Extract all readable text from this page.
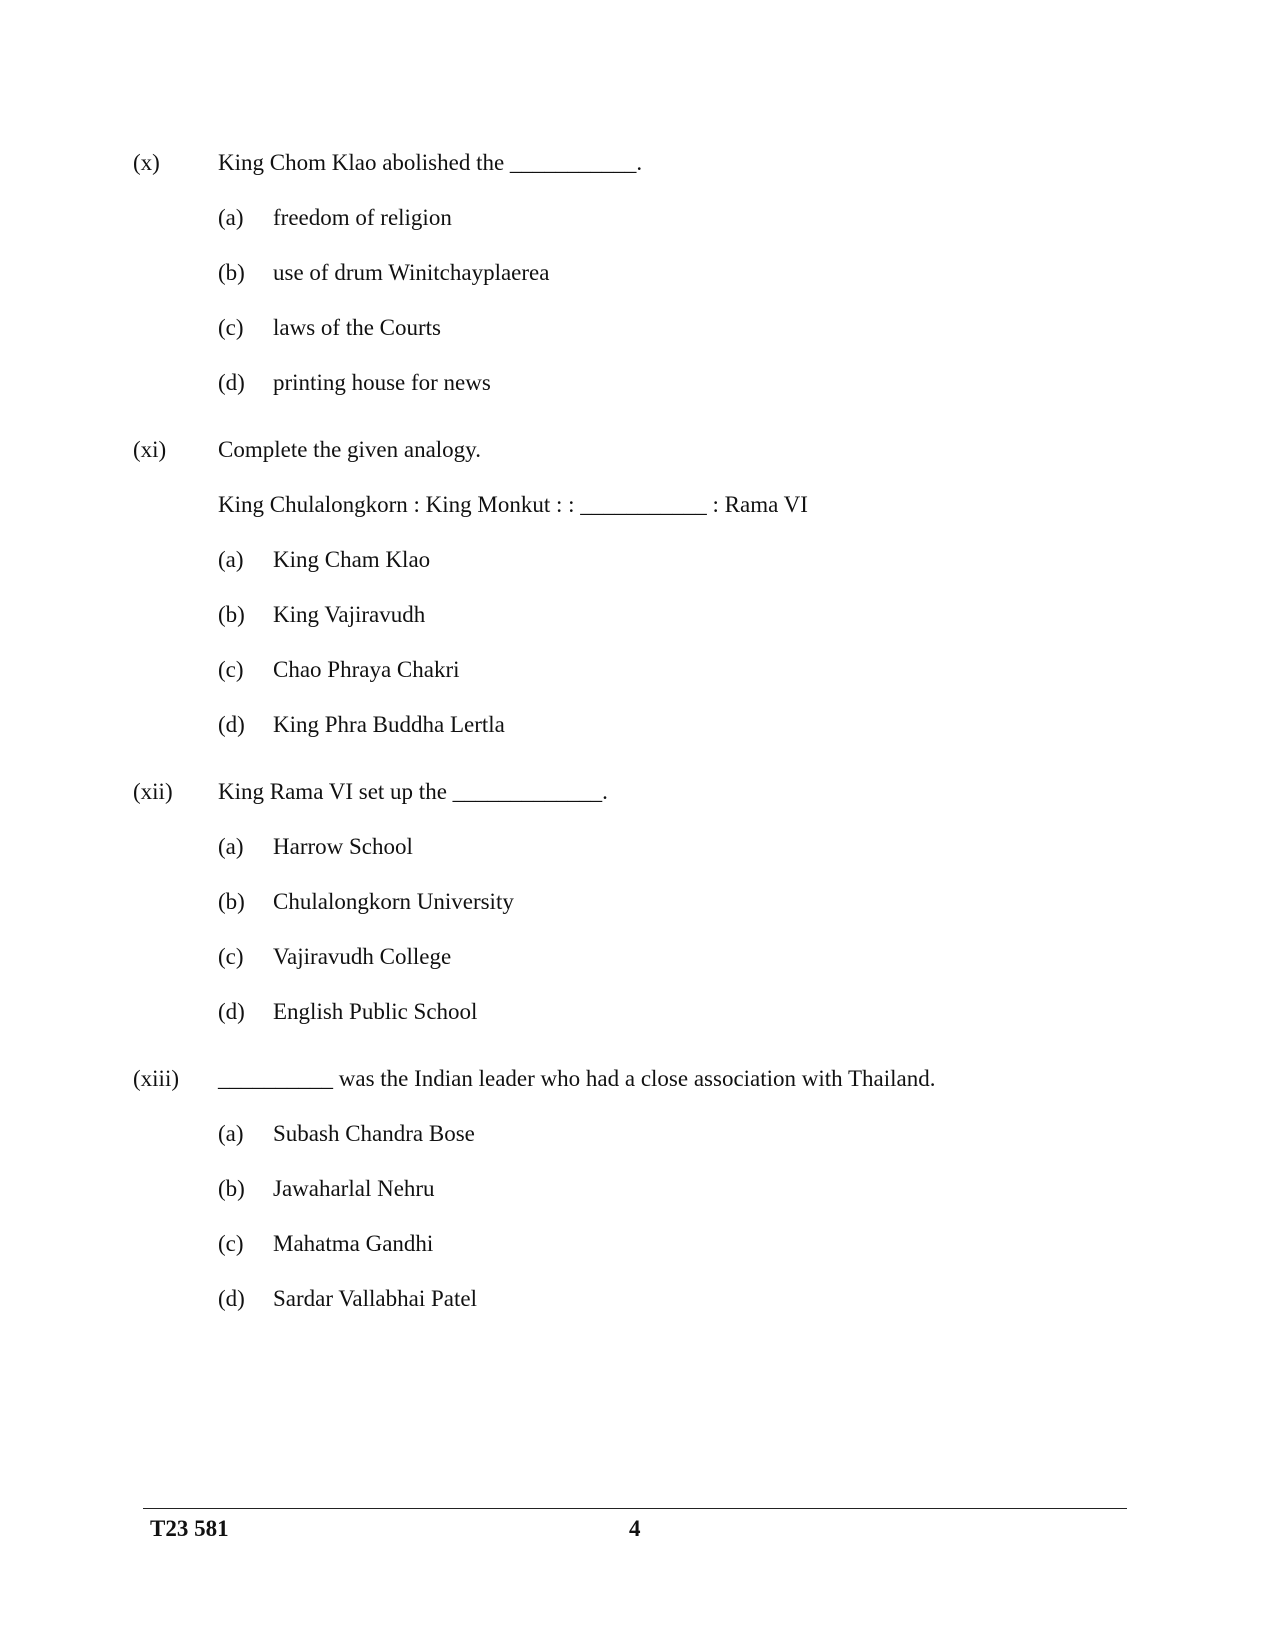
(x)	King Chom Klao abolished the ___________.
(a) freedom of religion
(b) use of drum Winitchayplaerea
(c) laws of the Courts
(d) printing house for news
(xi) Complete the given analogy.
King Chulalongkorn : King Monkut : : ___________ : Rama VI
(a) King Cham Klao
(b) King Vajiravudh
(c) Chao Phraya Chakri
(d) King Phra Buddha Lertla
(xii) King Rama VI set up the _____________.
(a) Harrow School
(b) Chulalongkorn University
(c) Vajiravudh College
(d) English Public School
(xiii) __________ was the Indian leader who had a close association with Thailand.
(a) Subash Chandra Bose
(b) Jawaharlal Nehru
(c) Mahatma Gandhi
(d) Sardar Vallabhai Patel
T23 581	4
